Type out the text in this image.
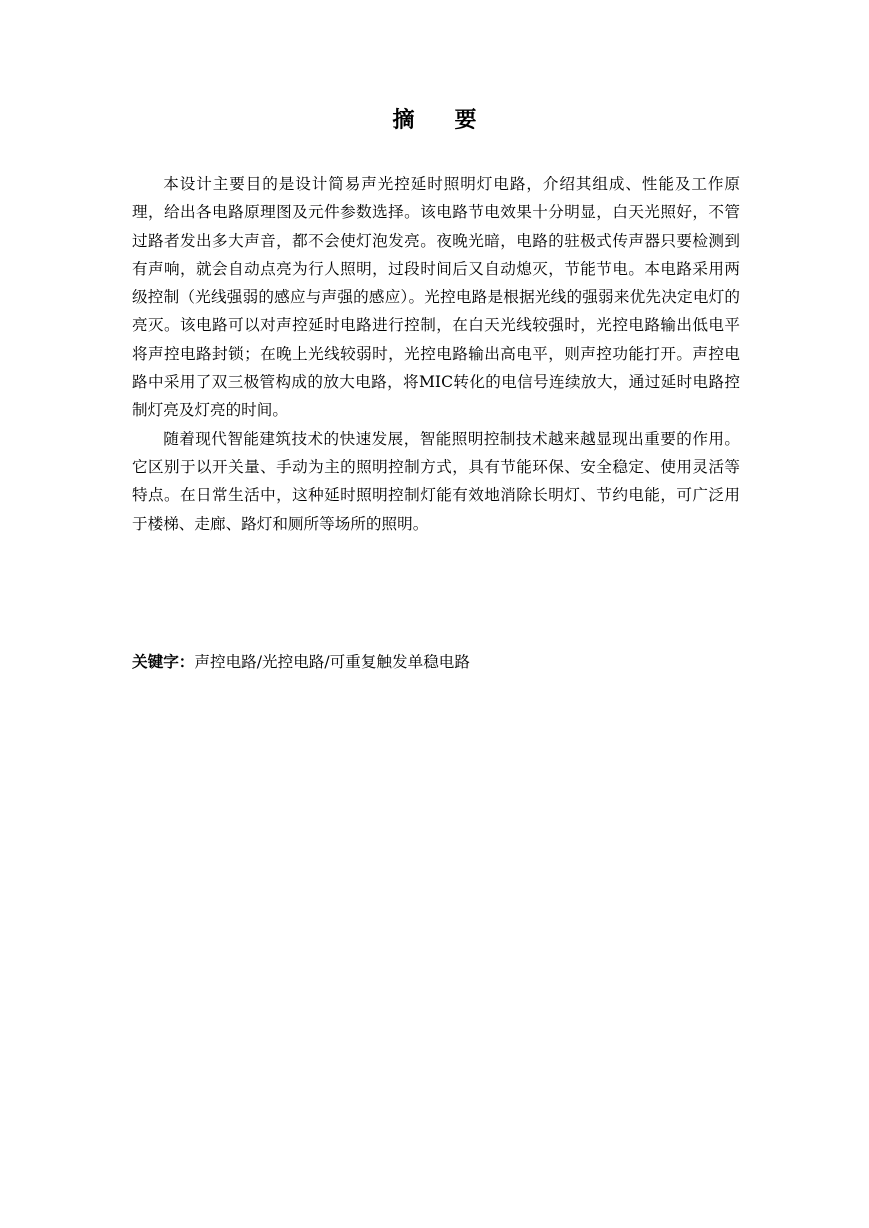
摘 要

本设计主要目的是设计简易声光控延时照明灯电路，介绍其组成、性能及工作原理，给出各电路原理图及元件参数选择。该电路节电效果十分明显，白天光照好，不管过路者发出多大声音，都不会使灯泡发亮。夜晚光暗，电路的驻极式传声器只要检测到有声响，就会自动点亮为行人照明，过段时间后又自动熄灭，节能节电。本电路采用两级控制（光线强弱的感应与声强的感应）。光控电路是根据光线的强弱来优先决定电灯的亮灭。该电路可以对声控延时电路进行控制，在白天光线较强时，光控电路输出低电平将声控电路封锁；在晚上光线较弱时，光控电路输出高电平，则声控功能打开。声控电路中采用了双三极管构成的放大电路，将MIC转化的电信号连续放大，通过延时电路控制灯亮及灯亮的时间。

随着现代智能建筑技术的快速发展，智能照明控制技术越来越显现出重要的作用。它区别于以开关量、手动为主的照明控制方式，具有节能环保、安全稳定、使用灵活等特点。在日常生活中，这种延时照明控制灯能有效地消除长明灯、节约电能，可广泛用于楼梯、走廊、路灯和厕所等场所的照明。

关键字：声控电路/光控电路/可重复触发单稳电路
